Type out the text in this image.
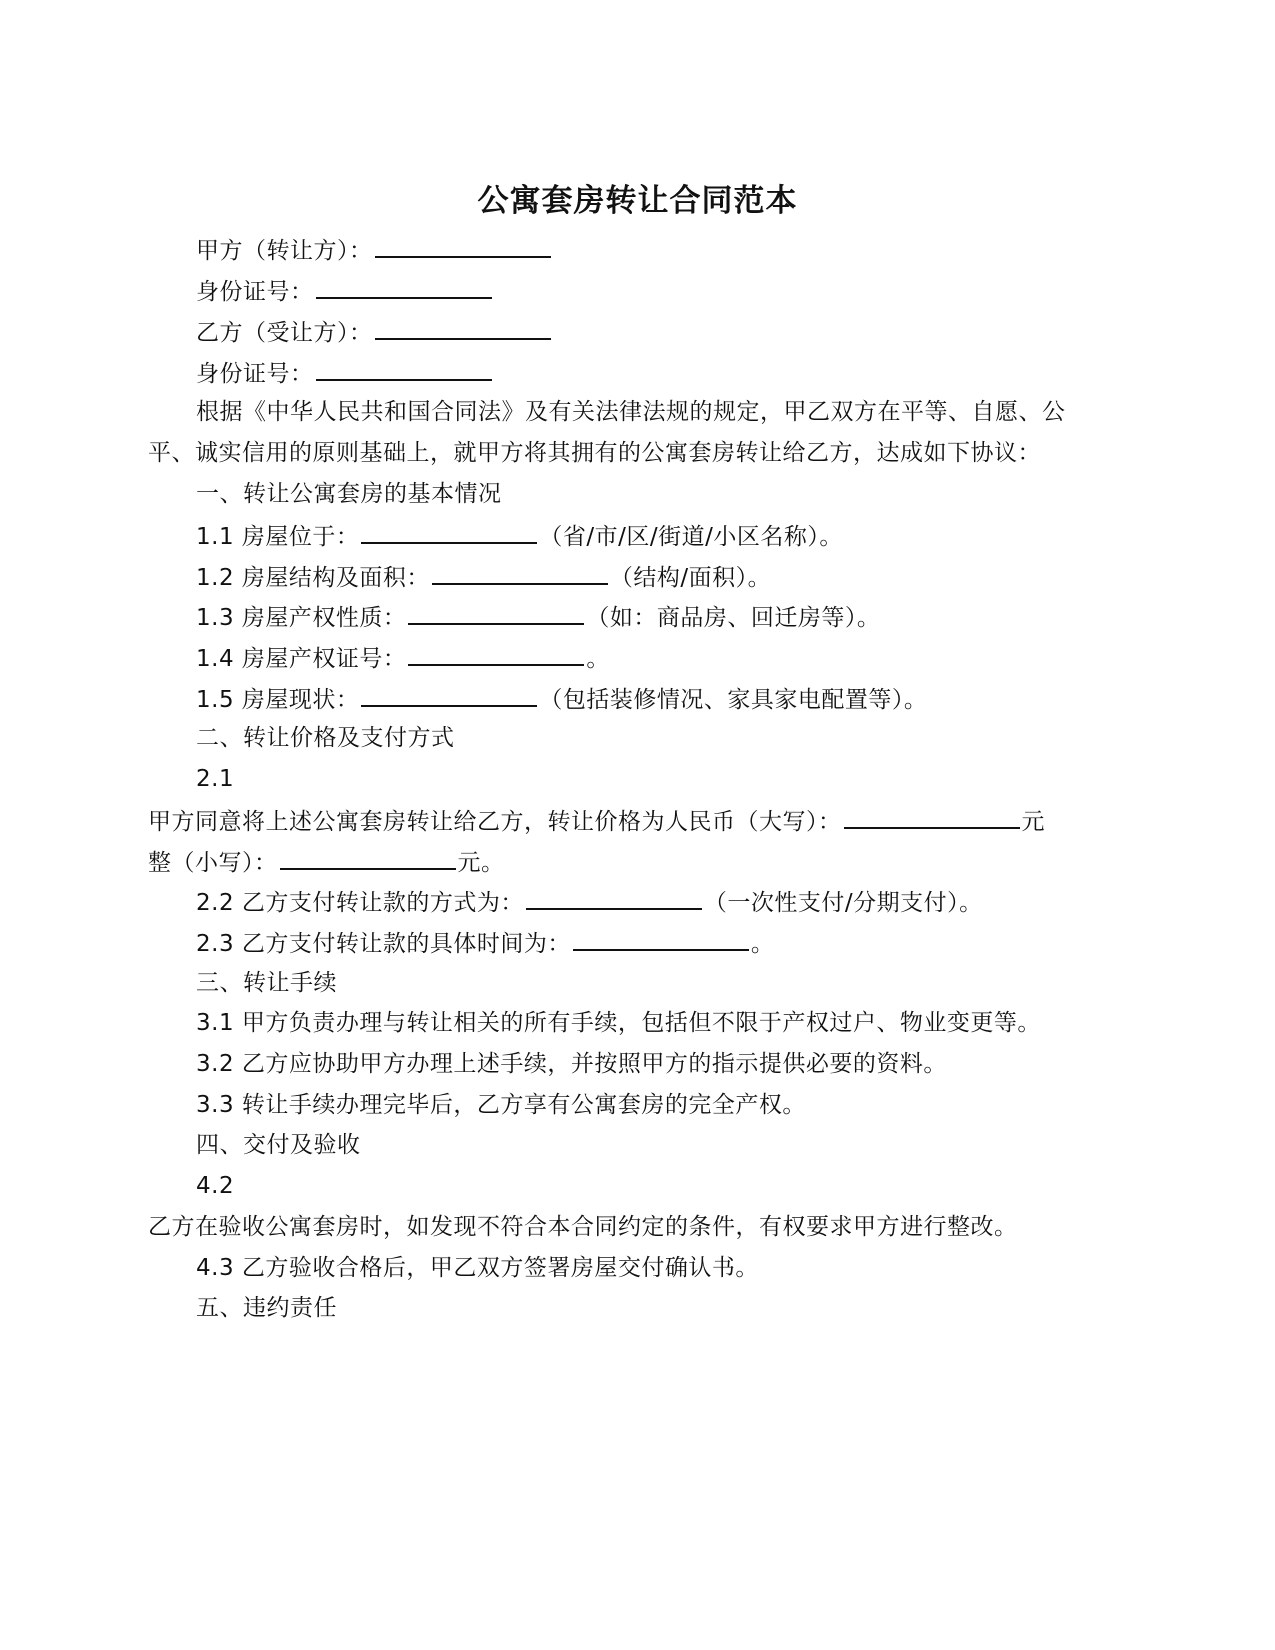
公寓套房转让合同范本
甲方（转让方）：
身份证号：
乙方（受让方）：
身份证号：
根据《中华人民共和国合同法》及有关法律法规的规定，甲乙双方在平等、自愿、公
平、诚实信用的原则基础上，就甲方将其拥有的公寓套房转让给乙方，达成如下协议：
一、转让公寓套房的基本情况
1.1 房屋位于：	（省/市/区/街道/小区名称）。
1.2 房屋结构及面积：	（结构/面积）。
1.3 房屋产权性质：	（如：商品房、回迁房等）。
1.4 房屋产权证号：	。
1.5 房屋现状：	（包括装修情况、家具家电配置等）。
二、转让价格及支付方式
2.1
甲方同意将上述公寓套房转让给乙方，转让价格为人民币（大写）：	元
整（小写）：	元。
2.2 乙方支付转让款的方式为：	（一次性支付/分期支付）。
2.3 乙方支付转让款的具体时间为：	。
三、转让手续
3.1 甲方负责办理与转让相关的所有手续，包括但不限于产权过户、物业变更等。
3.2 乙方应协助甲方办理上述手续，并按照甲方的指示提供必要的资料。
3.3 转让手续办理完毕后，乙方享有公寓套房的完全产权。
四、交付及验收
4.2
乙方在验收公寓套房时，如发现不符合本合同约定的条件，有权要求甲方进行整改。
4.3 乙方验收合格后，甲乙双方签署房屋交付确认书。
五、违约责任
